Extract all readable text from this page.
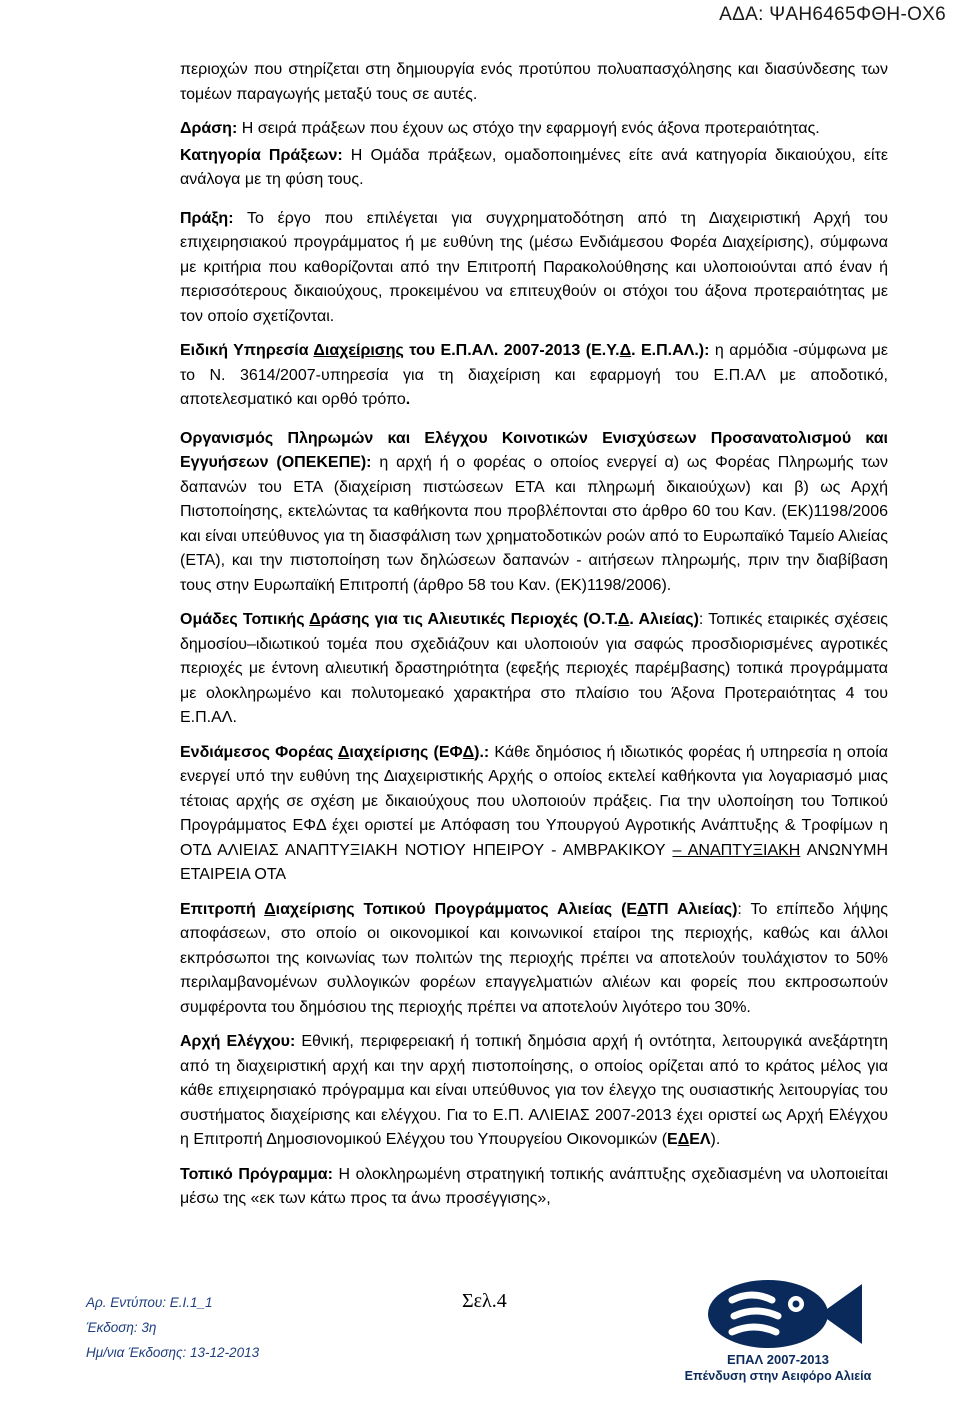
ΑΔΑ: ΨΑΗ6465ΦΘΗ-ΟΧ6

περιοχών που στηρίζεται στη δημιουργία ενός προτύπου πολυαπασχόλησης και διασύνδεσης των τομέων παραγωγής μεταξύ τους σε αυτές.

Δράση: Η σειρά πράξεων που έχουν ως στόχο την εφαρμογή ενός άξονα προτεραιότητας.

Κατηγορία Πράξεων: Η Ομάδα πράξεων, ομαδοποιημένες είτε ανά κατηγορία δικαιούχου, είτε ανάλογα με τη φύση τους.

Πράξη: Το έργο που επιλέγεται για συγχρηματοδότηση από τη Διαχειριστική Αρχή του επιχειρησιακού προγράμματος ή με ευθύνη της (μέσω Ενδιάμεσου Φορέα Διαχείρισης), σύμφωνα με κριτήρια που καθορίζονται από την Επιτροπή Παρακολούθησης και υλοποιούνται από έναν ή περισσότερους δικαιούχους, προκειμένου να επιτευχθούν οι στόχοι του άξονα προτεραιότητας με τον οποίο σχετίζονται.

Ειδική Υπηρεσία Διαχείρισης του Ε.Π.ΑΛ. 2007-2013 (Ε.Υ.Δ. Ε.Π.ΑΛ.): η αρμόδια -σύμφωνα με το Ν. 3614/2007-υπηρεσία για τη διαχείριση και εφαρμογή του Ε.Π.ΑΛ με αποδοτικό, αποτελεσματικό και ορθό τρόπο.

Οργανισμός Πληρωμών και Ελέγχου Κοινοτικών Ενισχύσεων Προσανατολισμού και Εγγυήσεων (ΟΠΕΚΕΠΕ): η αρχή ή ο φορέας ο οποίος ενεργεί α) ως Φορέας Πληρωμής των δαπανών του ΕΤΑ (διαχείριση πιστώσεων ΕΤΑ και πληρωμή δικαιούχων) και β) ως Αρχή Πιστοποίησης, εκτελώντας τα καθήκοντα που προβλέπονται στο άρθρο 60 του Καν. (ΕΚ)1198/2006 και είναι υπεύθυνος για τη διασφάλιση των χρηματοδοτικών ροών από το Ευρωπαϊκό Ταμείο Αλιείας (ΕΤΑ), και την πιστοποίηση των δηλώσεων δαπανών - αιτήσεων πληρωμής, πριν την διαβίβαση τους στην Ευρωπαϊκή Επιτροπή (άρθρο 58 του Καν. (ΕΚ)1198/2006).

Ομάδες Τοπικής Δράσης για τις Αλιευτικές Περιοχές (Ο.Τ.Δ. Αλιείας): Τοπικές εταιρικές σχέσεις δημοσίου–ιδιωτικού τομέα που σχεδιάζουν και υλοποιούν για σαφώς προσδιορισμένες αγροτικές περιοχές με έντονη αλιευτική δραστηριότητα (εφεξής περιοχές παρέμβασης) τοπικά προγράμματα με ολοκληρωμένο και πολυτομεακό χαρακτήρα στο πλαίσιο του Άξονα Προτεραιότητας 4 του Ε.Π.ΑΛ.

Ενδιάμεσος Φορέας Διαχείρισης (ΕΦΔ).: Κάθε δημόσιος ή ιδιωτικός φορέας ή υπηρεσία η οποία ενεργεί υπό την ευθύνη της Διαχειριστικής Αρχής ο οποίος εκτελεί καθήκοντα για λογαριασμό μιας τέτοιας αρχής σε σχέση με δικαιούχους που υλοποιούν πράξεις. Για την υλοποίηση του Τοπικού Προγράμματος ΕΦΔ έχει οριστεί με Απόφαση του Υπουργού Αγροτικής Ανάπτυξης & Τροφίμων η ΟΤΔ ΑΛΙΕΙΑΣ ΑΝΑΠΤΥΞΙΑΚΗ ΝΟΤΙΟΥ ΗΠΕΙΡΟΥ - ΑΜΒΡΑΚΙΚΟΥ – ΑΝΑΠΤΥΞΙΑΚΗ ΑΝΩΝΥΜΗ ΕΤΑΙΡΕΙΑ ΟΤΑ

Επιτροπή Διαχείρισης Τοπικού Προγράμματος Αλιείας (ΕΔΤΠ Αλιείας): Το επίπεδο λήψης αποφάσεων, στο οποίο οι οικονομικοί και κοινωνικοί εταίροι της περιοχής, καθώς και άλλοι εκπρόσωποι της κοινωνίας των πολιτών της περιοχής πρέπει να αποτελούν τουλάχιστον το 50% περιλαμβανομένων συλλογικών φορέων επαγγελματιών αλιέων και φορείς που εκπροσωπούν συμφέροντα του δημόσιου της περιοχής πρέπει να αποτελούν λιγότερο του 30%.

Αρχή Ελέγχου: Εθνική, περιφερειακή ή τοπική δημόσια αρχή ή οντότητα, λειτουργικά ανεξάρτητη από τη διαχειριστική αρχή και την αρχή πιστοποίησης, ο οποίος ορίζεται από το κράτος μέλος για κάθε επιχειρησιακό πρόγραμμα και είναι υπεύθυνος για τον έλεγχο της ουσιαστικής λειτουργίας του συστήματος διαχείρισης και ελέγχου. Για το Ε.Π. ΑΛΙΕΙΑΣ 2007-2013 έχει οριστεί ως Αρχή Ελέγχου η Επιτροπή Δημοσιονομικού Ελέγχου του Υπουργείου Οικονομικών (ΕΔΕΛ).

Τοπικό Πρόγραμμα: Η ολοκληρωμένη στρατηγική τοπικής ανάπτυξης σχεδιασμένη να υλοποιείται μέσω της «εκ των κάτω προς τα άνω προσέγγισης»,

Αρ. Εντύπου: Ε.Ι.1_1
Έκδοση: 3η
Ημ/νια Έκδοσης: 13-12-2013
Σελ.4
ΕΠΑΛ 2007-2013
Επένδυση στην Αειφόρο Αλιεία
